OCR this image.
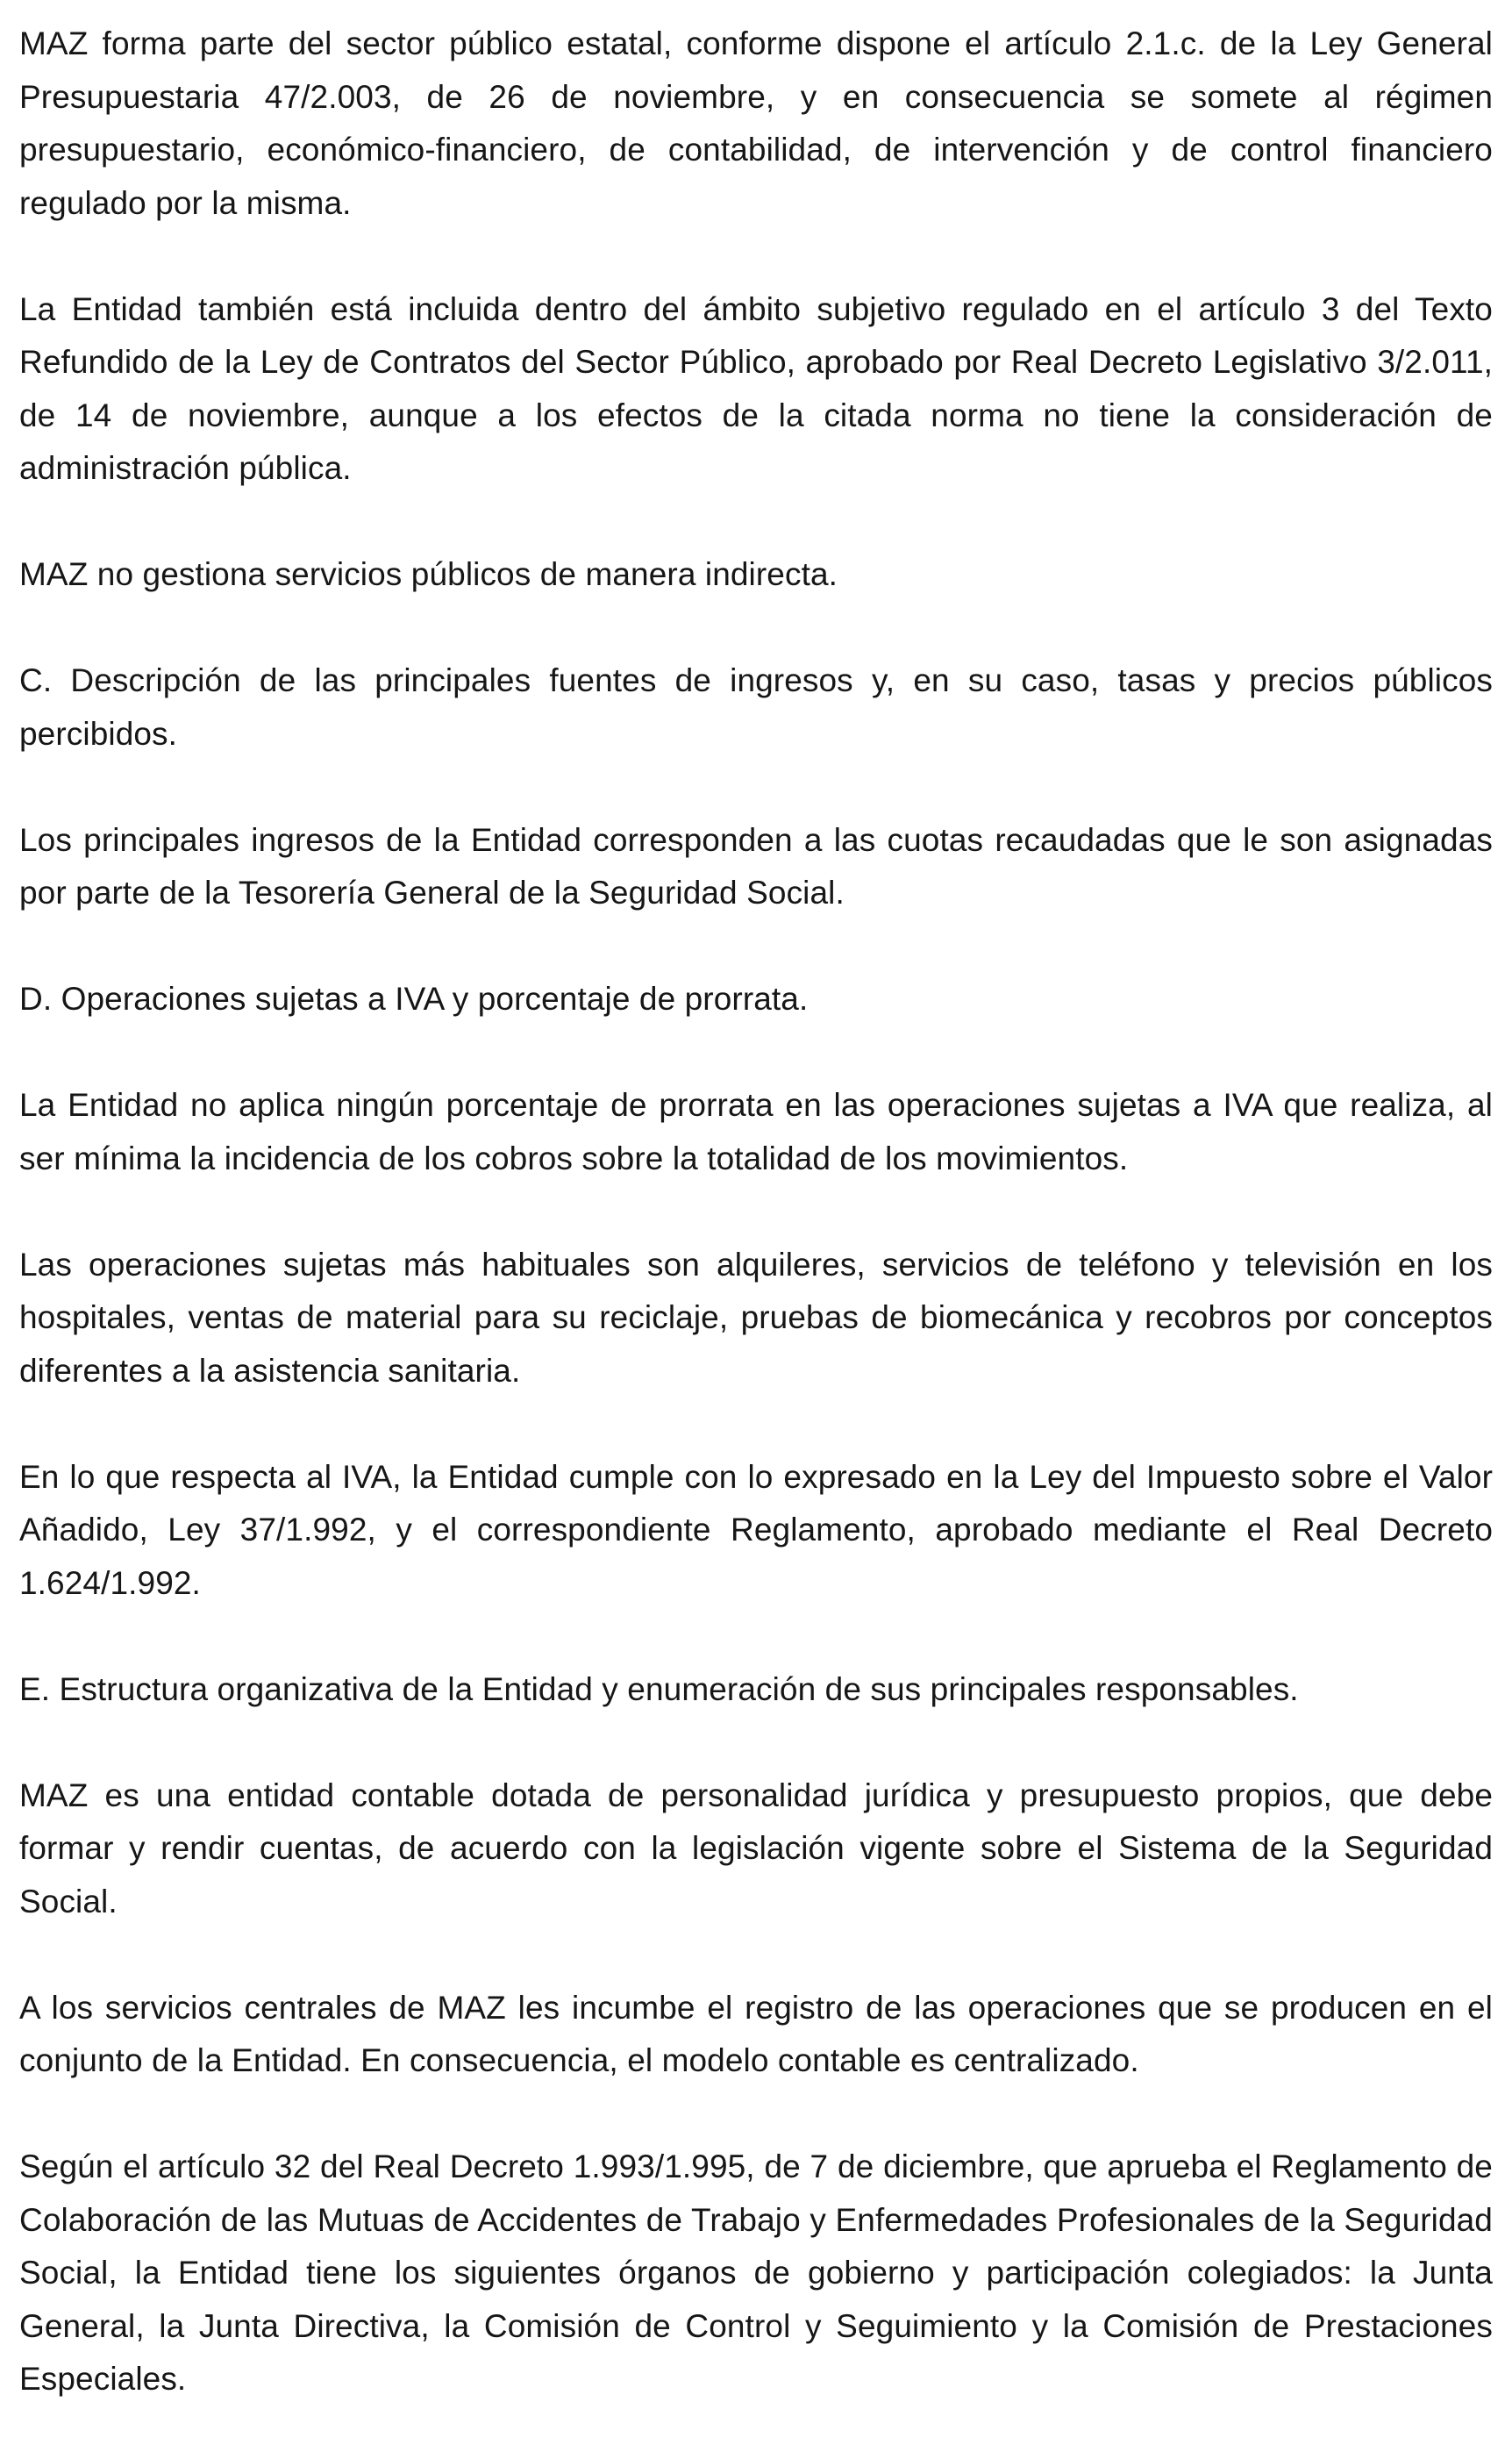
MAZ forma parte del sector público estatal, conforme dispone el artículo 2.1.c. de la Ley General Presupuestaria 47/2.003, de 26 de noviembre, y en consecuencia se somete al régimen presupuestario, económico-financiero, de contabilidad, de intervención y de control financiero regulado por la misma.

La Entidad también está incluida dentro del ámbito subjetivo regulado en el artículo 3 del Texto Refundido de la Ley de Contratos del Sector Público, aprobado por Real Decreto Legislativo 3/2.011, de 14 de noviembre, aunque a los efectos de la citada norma no tiene la consideración de administración pública.

MAZ no gestiona servicios públicos de manera indirecta.

C. Descripción de las principales fuentes de ingresos y, en su caso, tasas y precios públicos percibidos.

Los principales ingresos de la Entidad corresponden a las cuotas recaudadas que le son asignadas por parte de la Tesorería General de la Seguridad Social.

D. Operaciones sujetas a IVA y porcentaje de prorrata.

La Entidad no aplica ningún porcentaje de prorrata en las operaciones sujetas a IVA que realiza, al ser mínima la incidencia de los cobros sobre la totalidad de los movimientos.

Las operaciones sujetas más habituales son alquileres, servicios de teléfono y televisión en los hospitales, ventas de material para su reciclaje, pruebas de biomecánica y recobros por conceptos diferentes a la asistencia sanitaria.

En lo que respecta al IVA, la Entidad cumple con lo expresado en la Ley del Impuesto sobre el Valor Añadido, Ley 37/1.992, y el correspondiente Reglamento, aprobado mediante el Real Decreto 1.624/1.992.

E. Estructura organizativa de la Entidad y enumeración de sus principales responsables.

MAZ es una entidad contable dotada de personalidad jurídica y presupuesto propios, que debe formar y rendir cuentas, de acuerdo con la legislación vigente sobre el Sistema de la Seguridad Social.

A los servicios centrales de MAZ les incumbe el registro de las operaciones que se producen en el conjunto de la Entidad. En consecuencia, el modelo contable es centralizado.

Según el artículo 32 del Real Decreto 1.993/1.995, de 7 de diciembre, que aprueba el Reglamento de Colaboración de las Mutuas de Accidentes de Trabajo y Enfermedades Profesionales de la Seguridad Social, la Entidad tiene los siguientes órganos de gobierno y participación colegiados: la Junta General, la Junta Directiva, la Comisión de Control y Seguimiento y la Comisión de Prestaciones Especiales.
